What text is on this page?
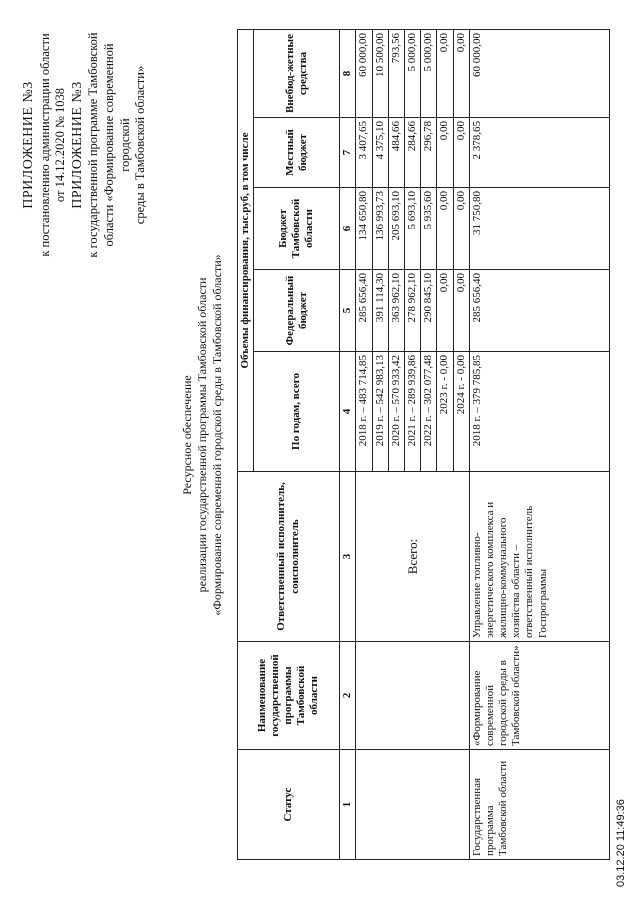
ПРИЛОЖЕНИЕ №3 к постановлению администрации области от 14.12.2020 № 1038 ПРИЛОЖЕНИЕ №3 к государственной программе Тамбовской области «Формирование современной городской среды в Тамбовской области»
Ресурсное обеспечение реализации государственной программы Тамбовской области «Формирование современной городской среды в Тамбовской области»
Статус	Наименование государственной программы Тамбовской области	Ответственный исполнитель, соисполнитель	Объемы финансирования, тыс.руб, в том числе				
			По годам, всего	Федеральный бюджет	Бюджет Тамбовской области	Местный бюджет	Внебюд-жетные средства
1	2	3	4	5	6	7	8
		Всего:	2018 г. – 483 714,85	285 656,40	134 650,80	3 407,65	60 000,00
			2019 г. – 542 983,13	391 114,30	136 993,73	4 375,10	10 500,00
			2020 г. – 570 933,42	363 962,10	205 693,10	484,66	793,56
			2021 г. – 289 939,86	278 962,10	5 693,10	284,66	5 000,00
			2022 г. – 302 077,48	290 845,10	5 935,60	296,78	5 000,00
			2023 г. - 0,00	0,00	0,00	0,00	0,00
			2024 г. - 0,00	0,00	0,00	0,00	0,00
Государственная программа Тамбовской области	«Формирование современной городской среды в Тамбовской области»	Управление топливно-энергетического комплекса и жилищно-коммунального хозяйства области – ответственный исполнитель Госпрограммы	2018 г. – 379 785,85	285 656,40	31 750,80	2 378,65	60 000,00
03.12.20 11:49:36
